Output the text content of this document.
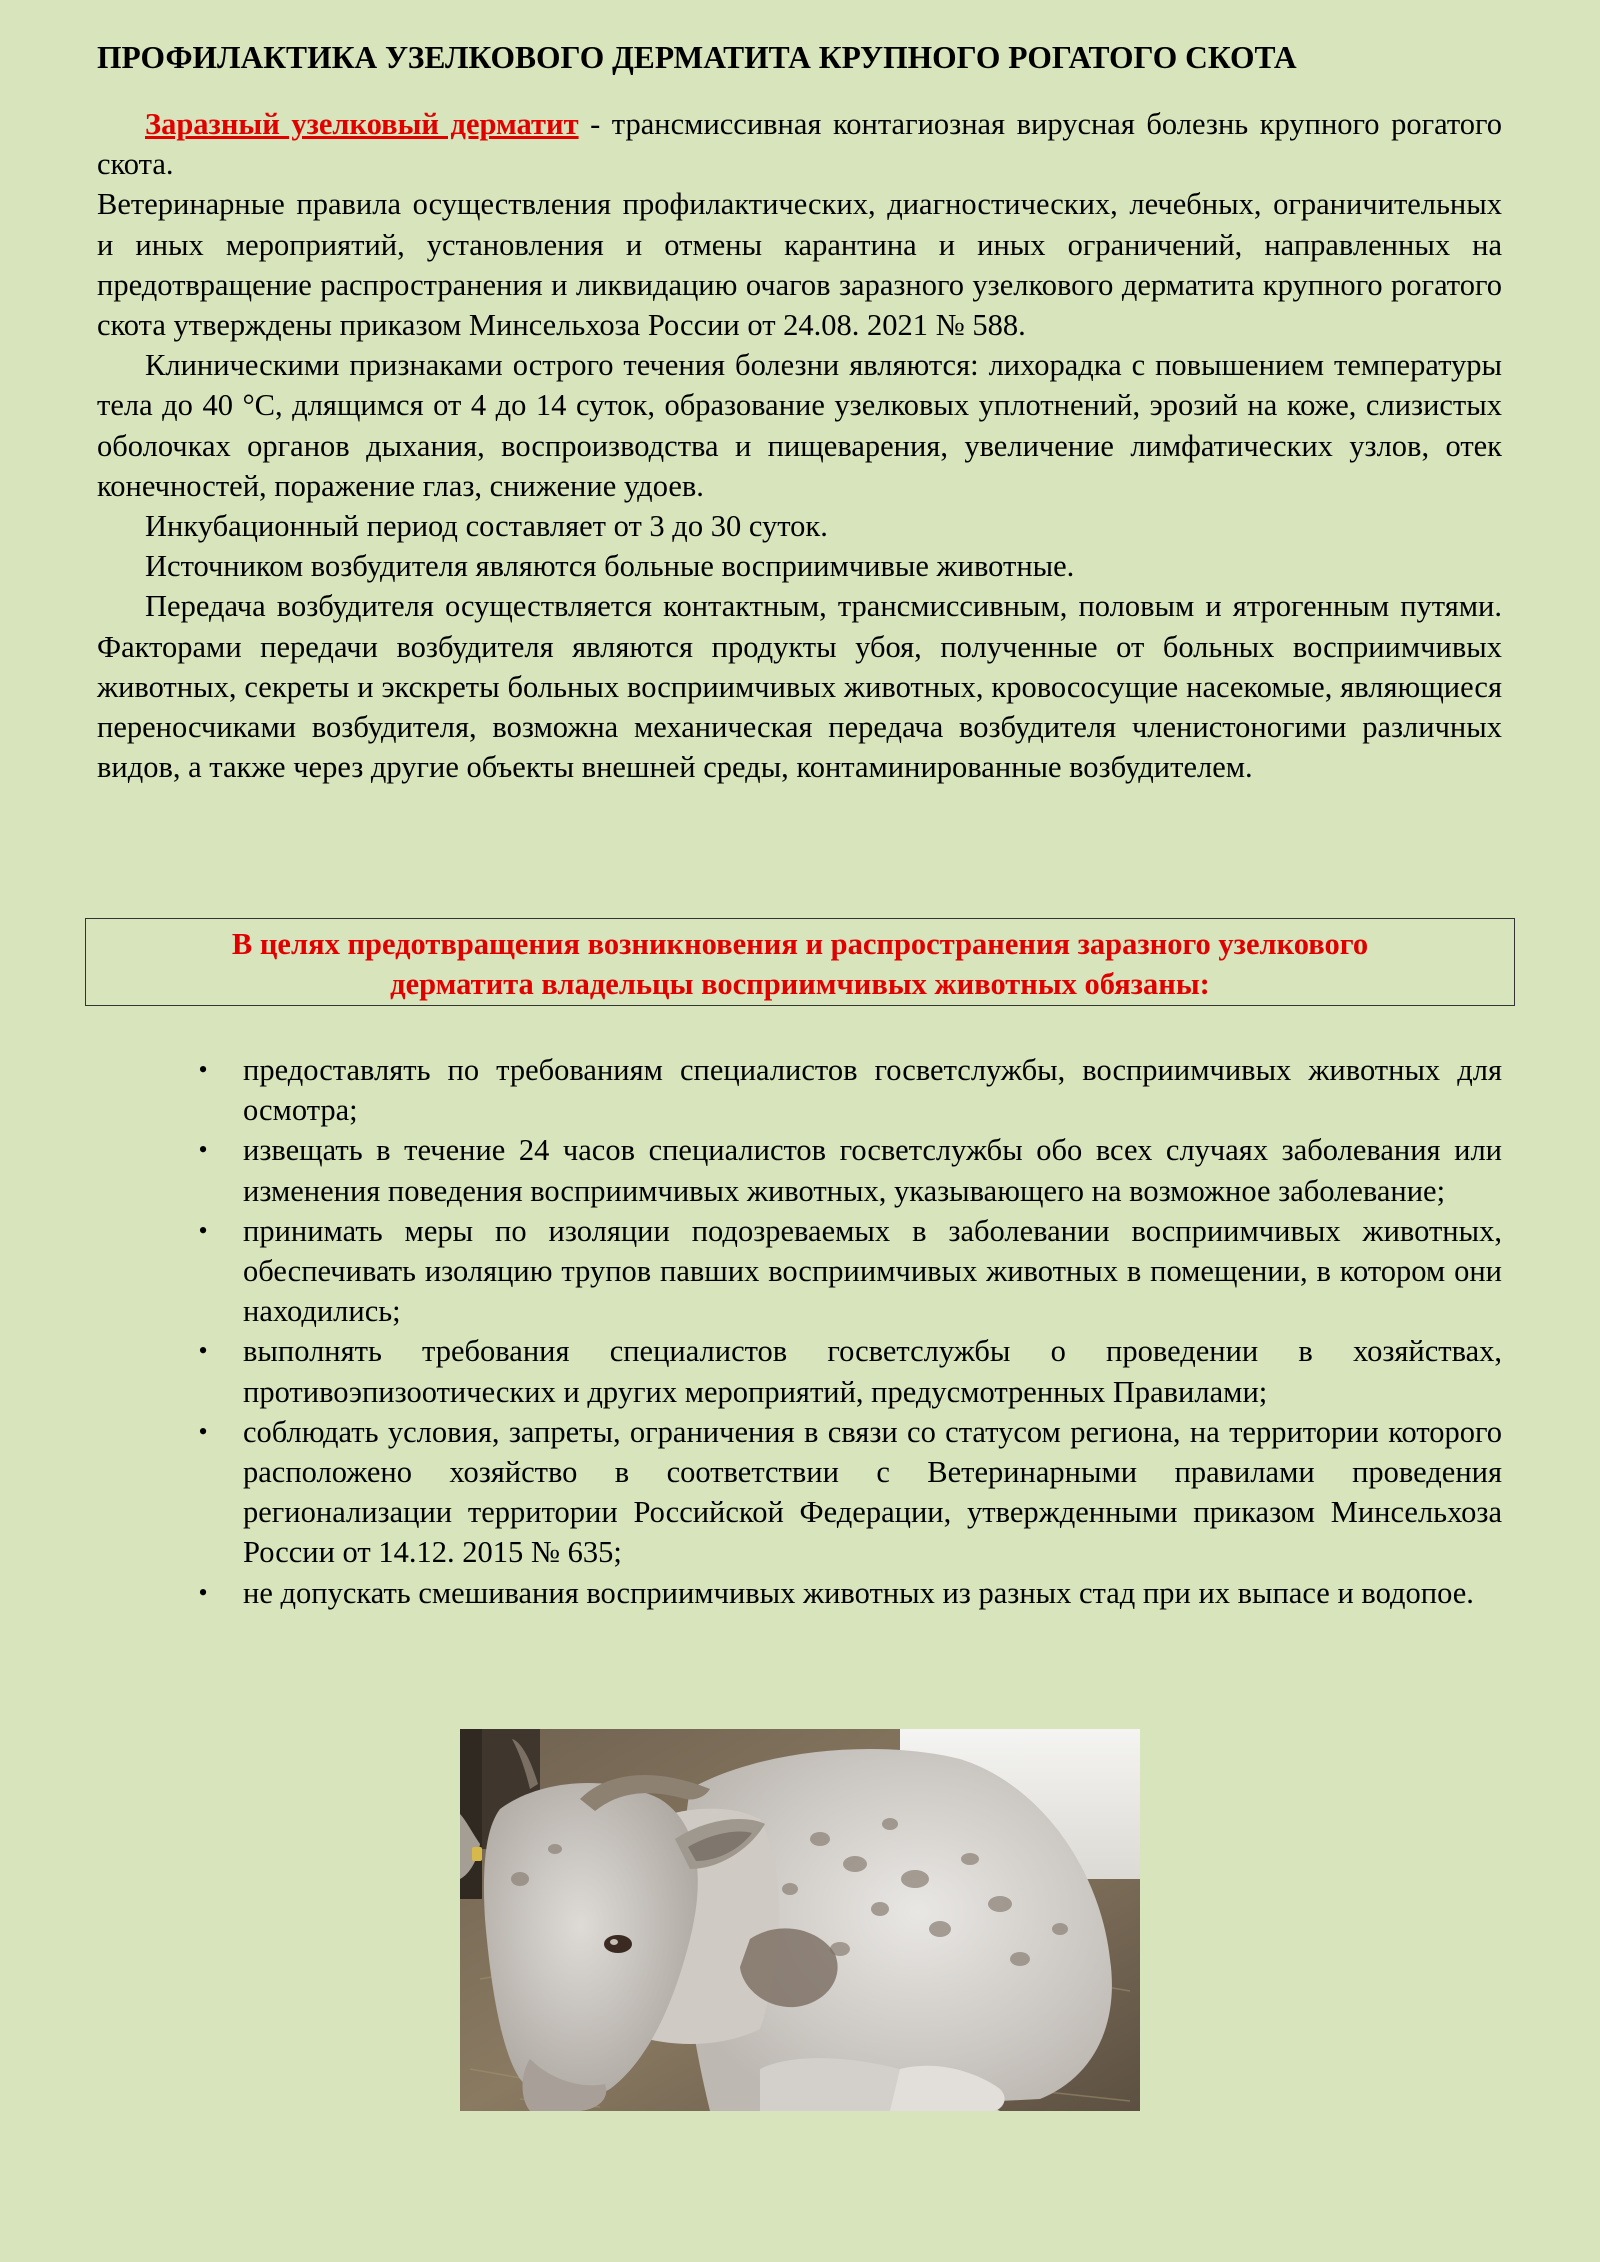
ПРОФИЛАКТИКА УЗЕЛКОВОГО ДЕРМАТИТА КРУПНОГО РОГАТОГО СКОТА

Заразный узелковый дерматит - трансмиссивная контагиозная вирусная болезнь крупного рогатого скота.

Ветеринарные правила осуществления профилактических, диагностических, лечебных, ограничительных и иных мероприятий, установления и отмены карантина и иных ограничений, направленных на предотвращение распространения и ликвидацию очагов заразного узелкового дерматита крупного рогатого скота утверждены приказом Минсельхоза России от 24.08. 2021 № 588.

Клиническими признаками острого течения болезни являются: лихорадка с повышением температуры тела до 40 °С, длящимся от 4 до 14 суток, образование узелковых уплотнений, эрозий на коже, слизистых оболочках органов дыхания, воспроизводства и пищеварения, увеличение лимфатических узлов, отек конечностей, поражение глаз, снижение удоев.

Инкубационный период составляет от 3 до 30 суток.

Источником возбудителя являются больные восприимчивые животные.

Передача возбудителя осуществляется контактным, трансмиссивным, половым и ятрогенным путями. Факторами передачи возбудителя являются продукты убоя, полученные от больных восприимчивых животных, секреты и экскреты больных восприимчивых животных, кровососущие насекомые, являющиеся переносчиками возбудителя, возможна механическая передача возбудителя членистоногими различных видов, а также через другие объекты внешней среды, контаминированные возбудителем.

В целях предотвращения возникновения и распространения заразного узелкового
дерматита владельцы восприимчивых животных обязаны:
• предоставлять по требованиям специалистов госветслужбы, восприимчивых животных для осмотра;
• извещать в течение 24 часов специалистов госветслужбы обо всех случаях заболевания или изменения поведения восприимчивых животных, указывающего на возможное заболевание;
• принимать меры по изоляции подозреваемых в заболевании восприимчивых животных, обеспечивать изоляцию трупов павших восприимчивых животных в помещении, в котором они находились;
• выполнять требования специалистов госветслужбы о проведении в хозяйствах, противоэпизоотических и других мероприятий, предусмотренных Правилами;
• соблюдать условия, запреты, ограничения в связи со статусом региона, на территории которого расположено хозяйство в соответствии с Ветеринарными правилами проведения регионализации территории Российской Федерации, утвержденными приказом Минсельхоза России от 14.12. 2015 № 635;
• не допускать смешивания восприимчивых животных из разных стад при их выпасе и водопое.
